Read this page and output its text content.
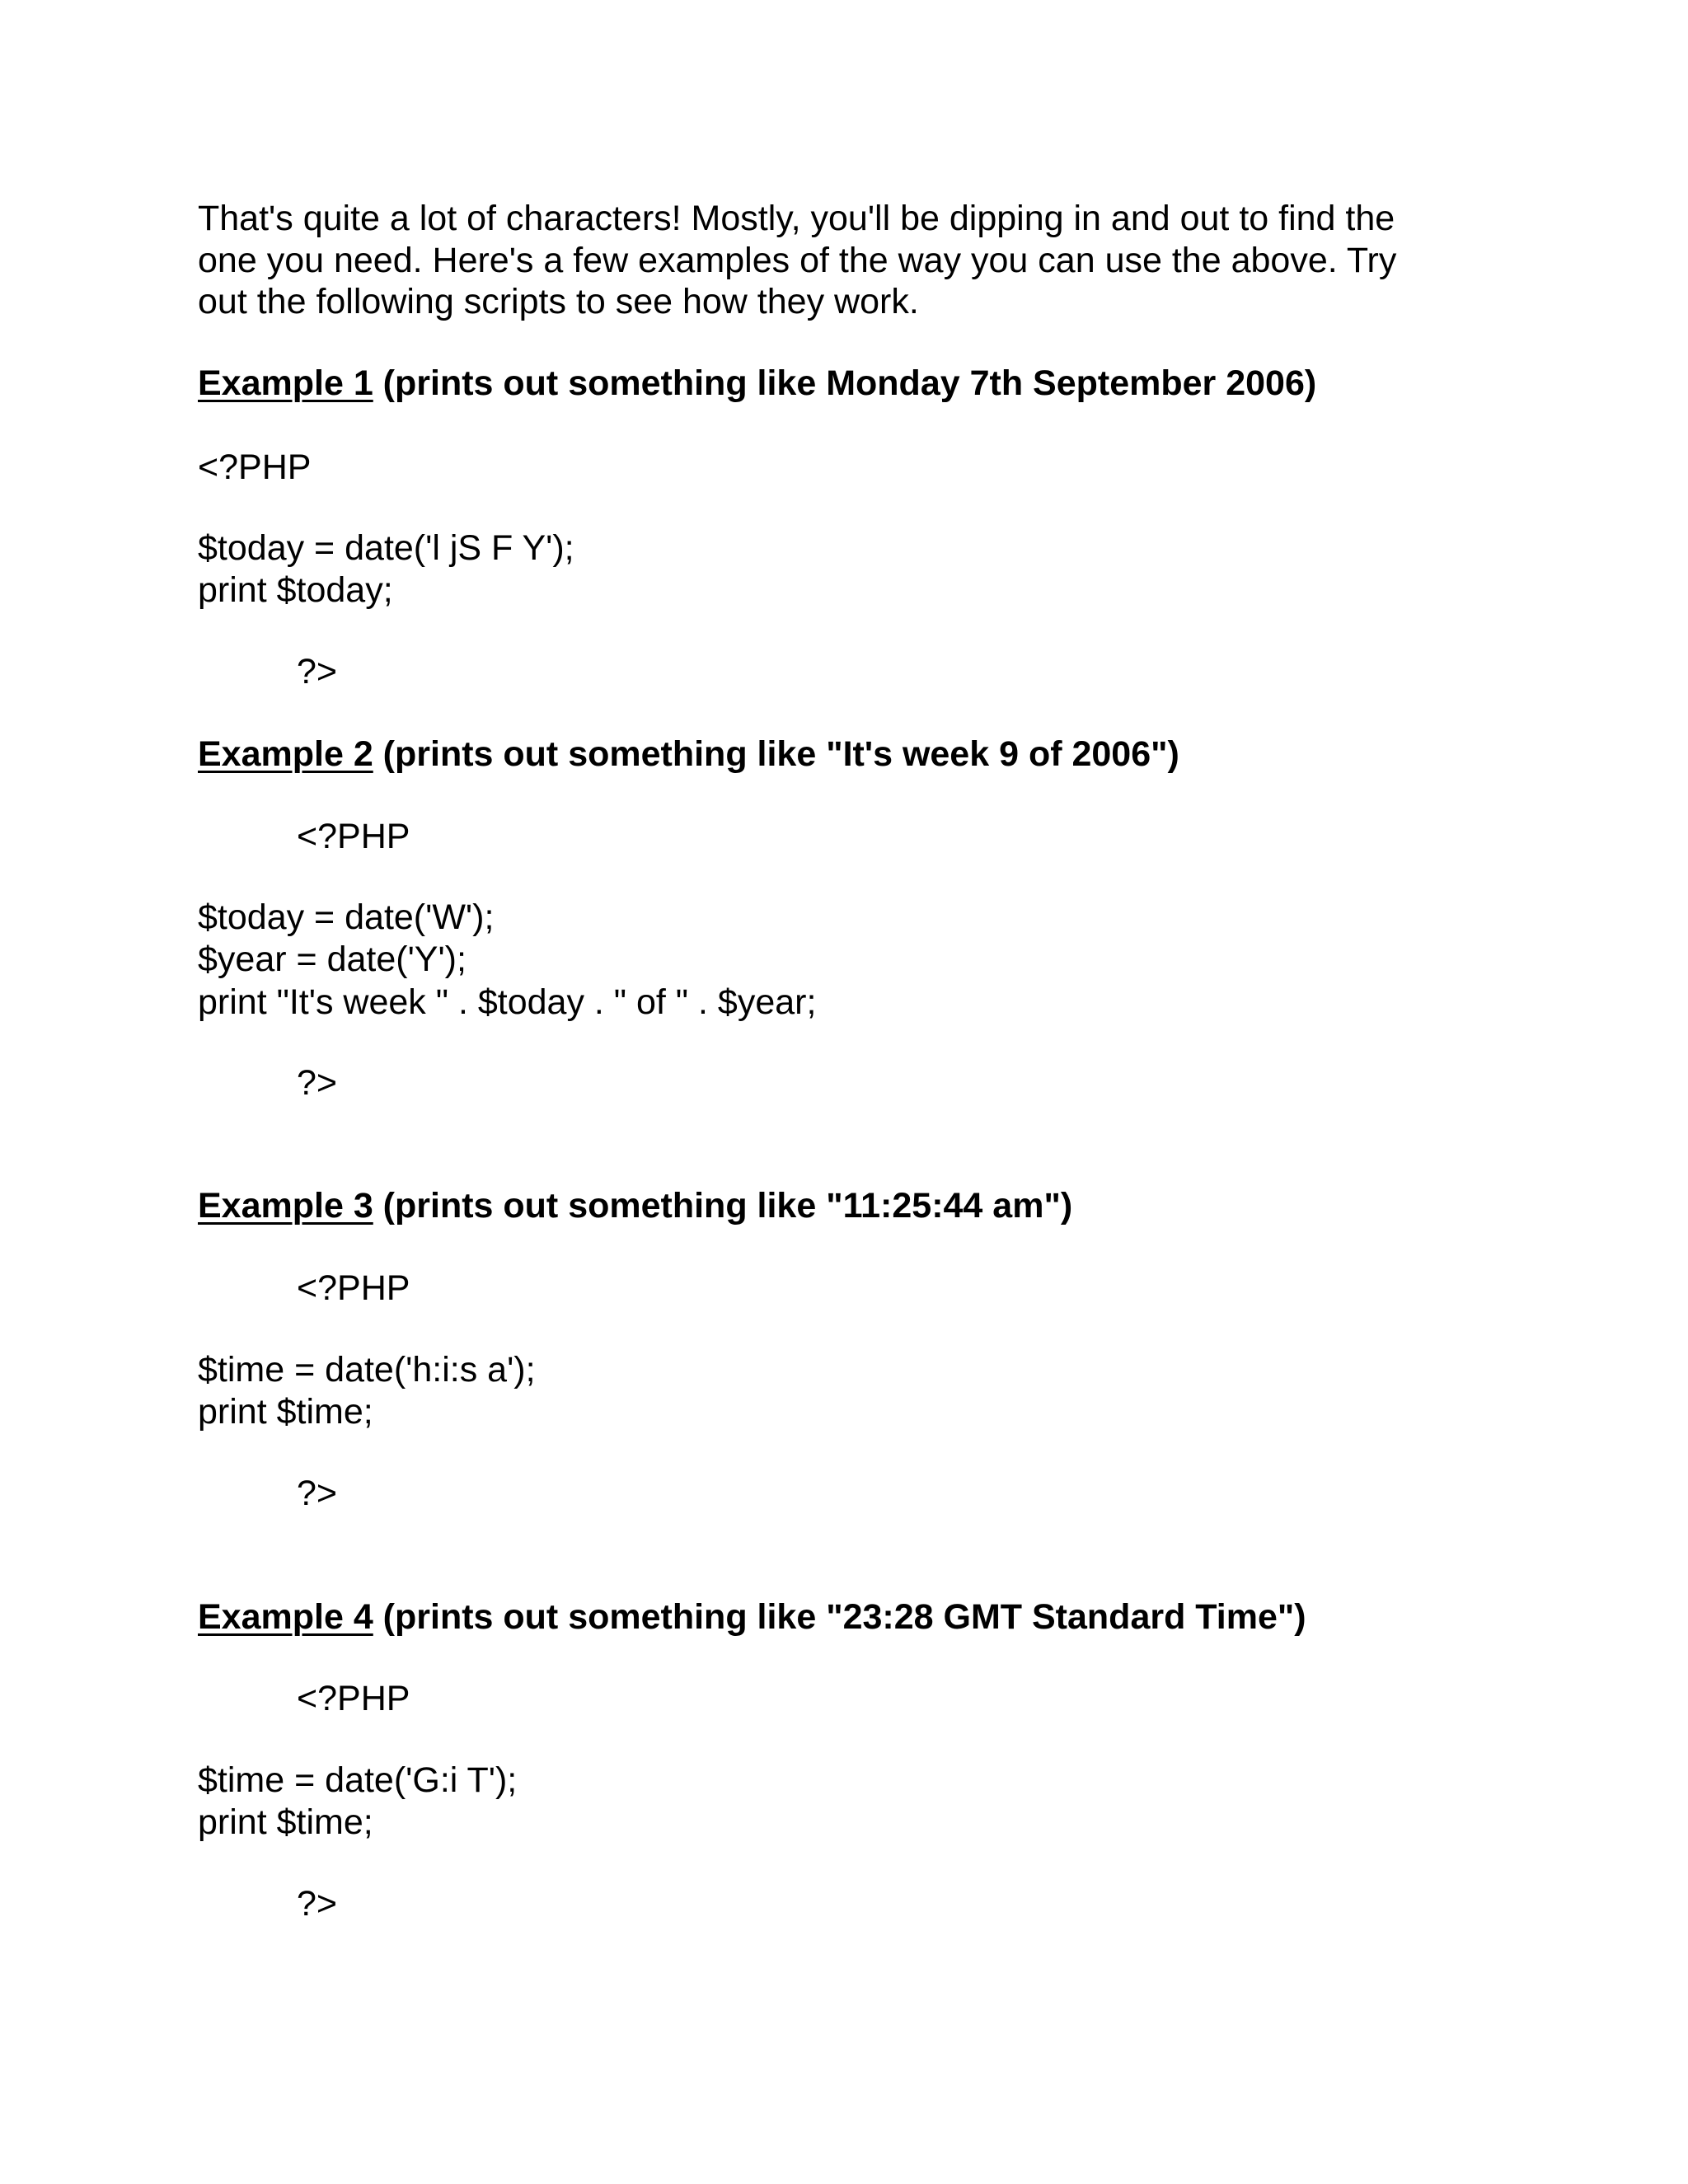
That's quite a lot of characters! Mostly, you'll be dipping in and out to find the

one you need. Here's a few examples of the way you can use the above. Try

out the following scripts to see how they work.

Example 1 (prints out something like Monday 7th September 2006)

<?PHP

$today = date('l jS F Y');

print $today;

?>

Example 2 (prints out something like "It's week 9 of 2006")

<?PHP

$today = date('W');

$year = date('Y');

print "It's week " . $today . " of " . $year;

?>

Example 3 (prints out something like "11:25:44 am")

<?PHP

$time = date('h:i:s a');

print $time;

?>

Example 4 (prints out something like "23:28 GMT Standard Time")

<?PHP

$time = date('G:i T');

print $time;

?>
